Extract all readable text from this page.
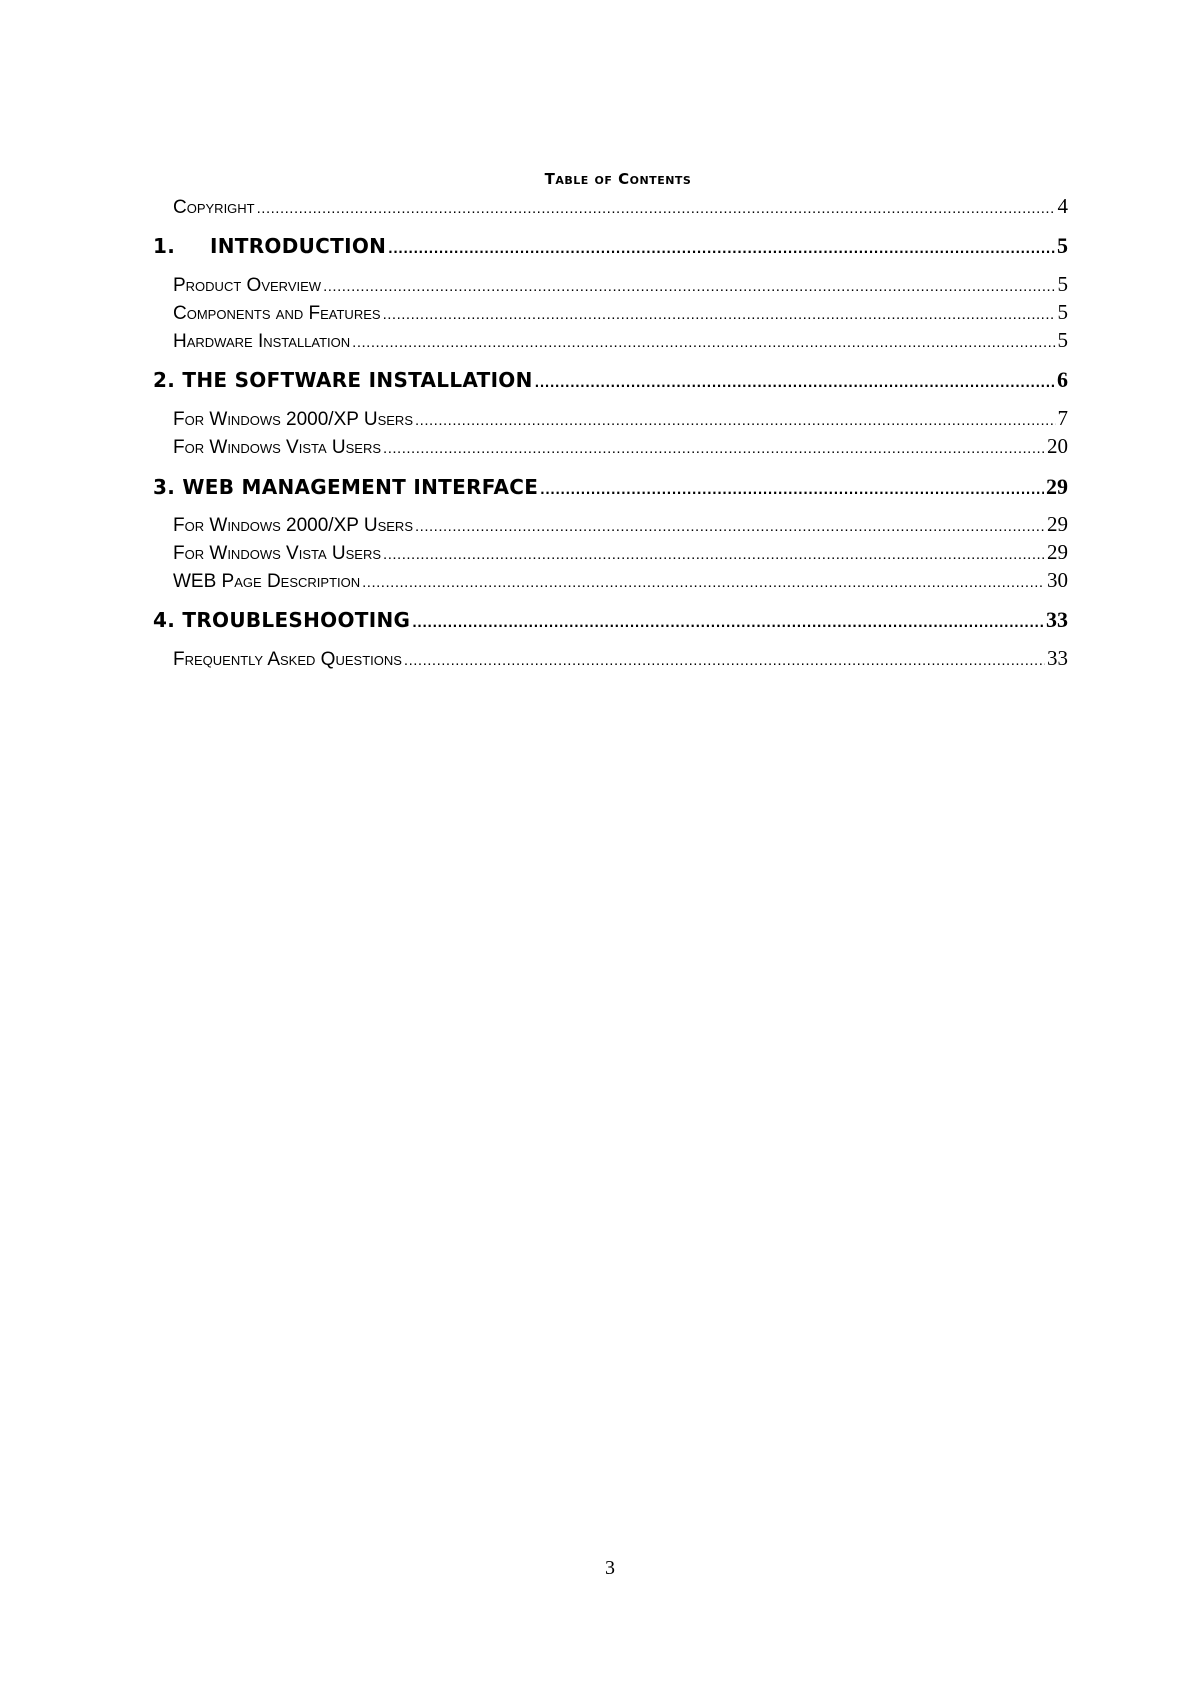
Table of Contents
Copyright .....	4
1. INTRODUCTION .....	5
Product Overview .....	5
Components and Features .....	5
Hardware Installation .....	5
2. THE SOFTWARE INSTALLATION .....	6
For Windows 2000/XP Users .....	7
For Windows Vista Users .....	20
3. WEB MANAGEMENT INTERFACE .....	29
For Windows 2000/XP Users .....	29
For Windows Vista Users .....	29
WEB Page Description .....	30
4. TROUBLESHOOTING .....	33
Frequently Asked Questions .....	33
3
